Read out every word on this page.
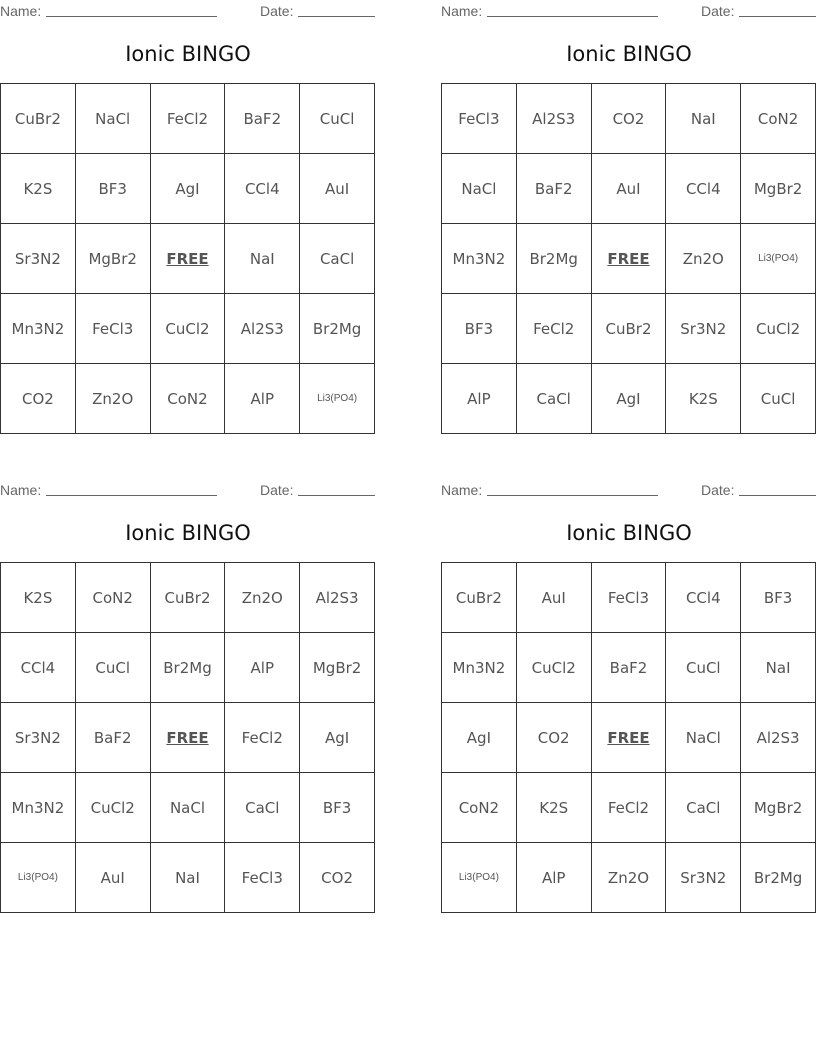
Name:	Date:
Ionic BINGO
CuBr2	NaCl	FeCl2	BaF2	CuCl
K2S	BF3	AgI	CCl4	AuI
Sr3N2	MgBr2	FREE	NaI	CaCl
Mn3N2	FeCl3	CuCl2	Al2S3	Br2Mg
CO2	Zn2O	CoN2	AlP	Li3(PO4)
Name:	Date:
Ionic BINGO
FeCl3	Al2S3	CO2	NaI	CoN2
NaCl	BaF2	AuI	CCl4	MgBr2
Mn3N2	Br2Mg	FREE	Zn2O	Li3(PO4)
BF3	FeCl2	CuBr2	Sr3N2	CuCl2
AlP	CaCl	AgI	K2S	CuCl
Name:	Date:
Ionic BINGO
K2S	CoN2	CuBr2	Zn2O	Al2S3
CCl4	CuCl	Br2Mg	AlP	MgBr2
Sr3N2	BaF2	FREE	FeCl2	AgI
Mn3N2	CuCl2	NaCl	CaCl	BF3
Li3(PO4)	AuI	NaI	FeCl3	CO2
Name:	Date:
Ionic BINGO
CuBr2	AuI	FeCl3	CCl4	BF3
Mn3N2	CuCl2	BaF2	CuCl	NaI
AgI	CO2	FREE	NaCl	Al2S3
CoN2	K2S	FeCl2	CaCl	MgBr2
Li3(PO4)	AlP	Zn2O	Sr3N2	Br2Mg
